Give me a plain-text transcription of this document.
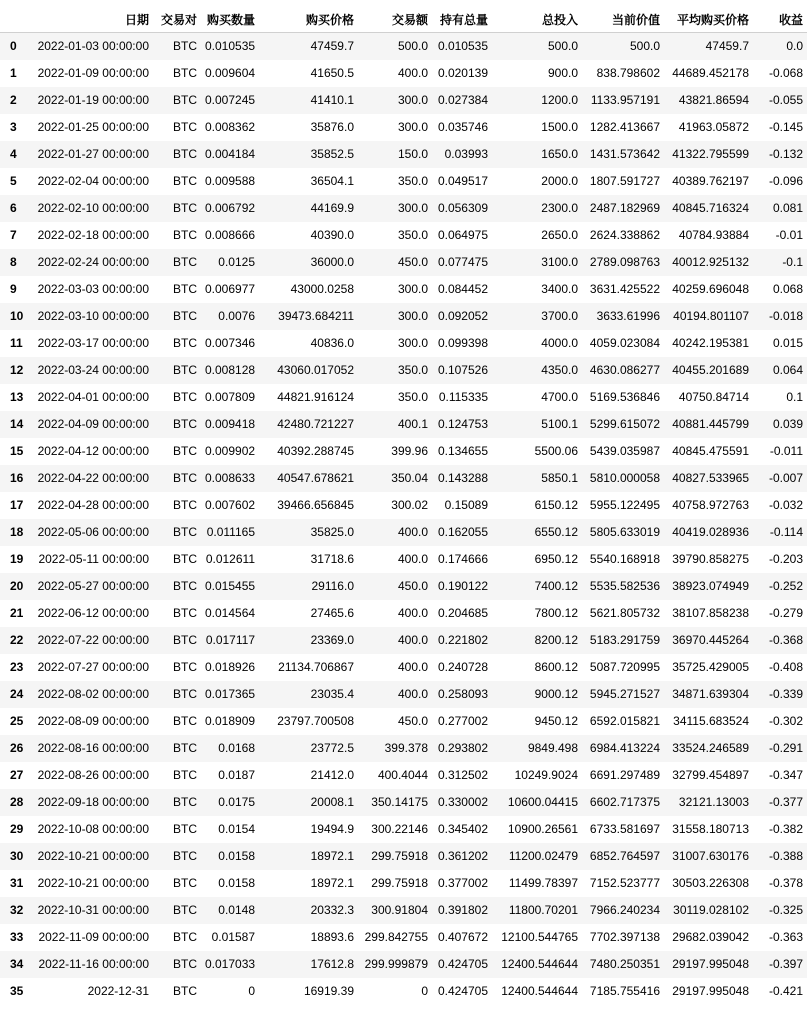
	日期	交易对	购买数量	购买价格	交易额	持有总量	总投入	当前价值	平均购买价格	收益
0	2022-01-03 00:00:00	BTC	0.010535	47459.7	500.0	0.010535	500.0	500.0	47459.7	0.0
1	2022-01-09 00:00:00	BTC	0.009604	41650.5	400.0	0.020139	900.0	838.798602	44689.452178	-0.068
2	2022-01-19 00:00:00	BTC	0.007245	41410.1	300.0	0.027384	1200.0	1133.957191	43821.86594	-0.055
3	2022-01-25 00:00:00	BTC	0.008362	35876.0	300.0	0.035746	1500.0	1282.413667	41963.05872	-0.145
4	2022-01-27 00:00:00	BTC	0.004184	35852.5	150.0	0.03993	1650.0	1431.573642	41322.795599	-0.132
5	2022-02-04 00:00:00	BTC	0.009588	36504.1	350.0	0.049517	2000.0	1807.591727	40389.762197	-0.096
6	2022-02-10 00:00:00	BTC	0.006792	44169.9	300.0	0.056309	2300.0	2487.182969	40845.716324	0.081
7	2022-02-18 00:00:00	BTC	0.008666	40390.0	350.0	0.064975	2650.0	2624.338862	40784.93884	-0.01
8	2022-02-24 00:00:00	BTC	0.0125	36000.0	450.0	0.077475	3100.0	2789.098763	40012.925132	-0.1
9	2022-03-03 00:00:00	BTC	0.006977	43000.0258	300.0	0.084452	3400.0	3631.425522	40259.696048	0.068
10	2022-03-10 00:00:00	BTC	0.0076	39473.684211	300.0	0.092052	3700.0	3633.61996	40194.801107	-0.018
11	2022-03-17 00:00:00	BTC	0.007346	40836.0	300.0	0.099398	4000.0	4059.023084	40242.195381	0.015
12	2022-03-24 00:00:00	BTC	0.008128	43060.017052	350.0	0.107526	4350.0	4630.086277	40455.201689	0.064
13	2022-04-01 00:00:00	BTC	0.007809	44821.916124	350.0	0.115335	4700.0	5169.536846	40750.84714	0.1
14	2022-04-09 00:00:00	BTC	0.009418	42480.721227	400.1	0.124753	5100.1	5299.615072	40881.445799	0.039
15	2022-04-12 00:00:00	BTC	0.009902	40392.288745	399.96	0.134655	5500.06	5439.035987	40845.475591	-0.011
16	2022-04-22 00:00:00	BTC	0.008633	40547.678621	350.04	0.143288	5850.1	5810.000058	40827.533965	-0.007
17	2022-04-28 00:00:00	BTC	0.007602	39466.656845	300.02	0.15089	6150.12	5955.122495	40758.972763	-0.032
18	2022-05-06 00:00:00	BTC	0.011165	35825.0	400.0	0.162055	6550.12	5805.633019	40419.028936	-0.114
19	2022-05-11 00:00:00	BTC	0.012611	31718.6	400.0	0.174666	6950.12	5540.168918	39790.858275	-0.203
20	2022-05-27 00:00:00	BTC	0.015455	29116.0	450.0	0.190122	7400.12	5535.582536	38923.074949	-0.252
21	2022-06-12 00:00:00	BTC	0.014564	27465.6	400.0	0.204685	7800.12	5621.805732	38107.858238	-0.279
22	2022-07-22 00:00:00	BTC	0.017117	23369.0	400.0	0.221802	8200.12	5183.291759	36970.445264	-0.368
23	2022-07-27 00:00:00	BTC	0.018926	21134.706867	400.0	0.240728	8600.12	5087.720995	35725.429005	-0.408
24	2022-08-02 00:00:00	BTC	0.017365	23035.4	400.0	0.258093	9000.12	5945.271527	34871.639304	-0.339
25	2022-08-09 00:00:00	BTC	0.018909	23797.700508	450.0	0.277002	9450.12	6592.015821	34115.683524	-0.302
26	2022-08-16 00:00:00	BTC	0.0168	23772.5	399.378	0.293802	9849.498	6984.413224	33524.246589	-0.291
27	2022-08-26 00:00:00	BTC	0.0187	21412.0	400.4044	0.312502	10249.9024	6691.297489	32799.454897	-0.347
28	2022-09-18 00:00:00	BTC	0.0175	20008.1	350.14175	0.330002	10600.04415	6602.717375	32121.13003	-0.377
29	2022-10-08 00:00:00	BTC	0.0154	19494.9	300.22146	0.345402	10900.26561	6733.581697	31558.180713	-0.382
30	2022-10-21 00:00:00	BTC	0.0158	18972.1	299.75918	0.361202	11200.02479	6852.764597	31007.630176	-0.388
31	2022-10-21 00:00:00	BTC	0.0158	18972.1	299.75918	0.377002	11499.78397	7152.523777	30503.226308	-0.378
32	2022-10-31 00:00:00	BTC	0.0148	20332.3	300.91804	0.391802	11800.70201	7966.240234	30119.028102	-0.325
33	2022-11-09 00:00:00	BTC	0.01587	18893.6	299.842755	0.407672	12100.544765	7702.397138	29682.039042	-0.363
34	2022-11-16 00:00:00	BTC	0.017033	17612.8	299.999879	0.424705	12400.544644	7480.250351	29197.995048	-0.397
35	2022-12-31	BTC	0	16919.39	0	0.424705	12400.544644	7185.755416	29197.995048	-0.421
